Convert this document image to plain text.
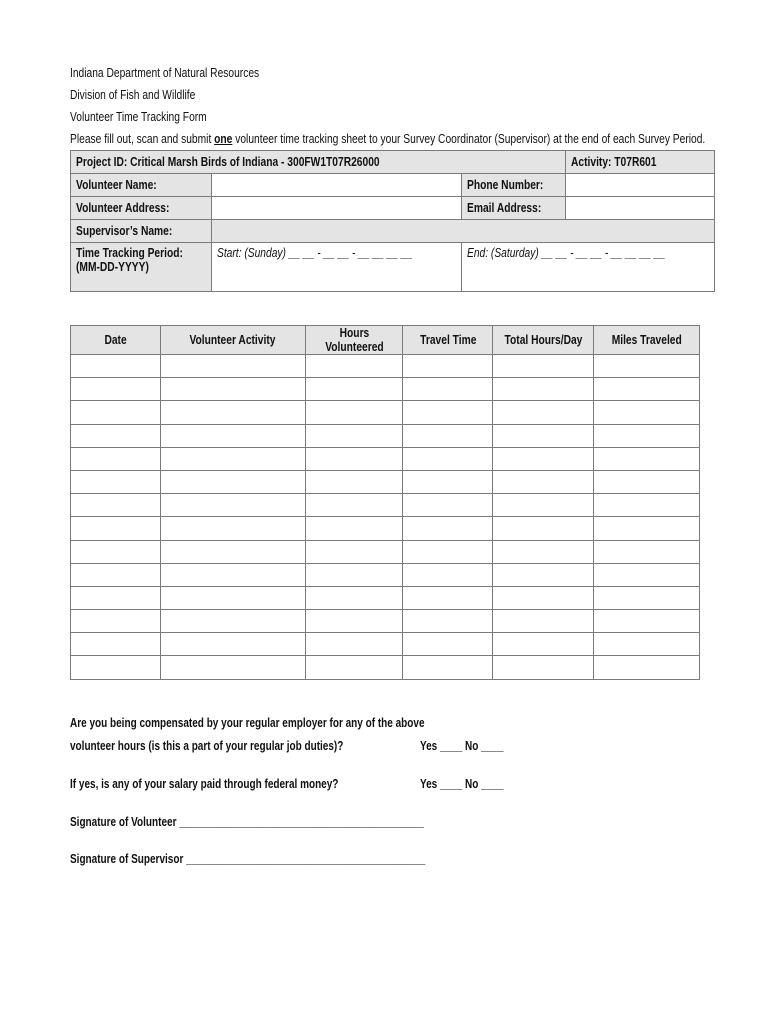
Indiana Department of Natural Resources
Division of Fish and Wildlife
Volunteer Time Tracking Form
Please fill out, scan and submit one volunteer time tracking sheet to your Survey Coordinator (Supervisor) at the end of each Survey Period.
Project ID: Critical Marsh Birds of Indiana - 300FW1T07R26000			Activity: T07R601
Volunteer Name:		Phone Number:	
Volunteer Address:		Email Address:	
Supervisor’s Name:			
Time Tracking Period:
(MM-DD-YYYY)	Start: (Sunday) __ __ - __ __ - __ __ __ __	End: (Saturday) __ __ - __ __ - __ __ __ __	
Date	Volunteer Activity	Hours Volunteered	Travel Time	Total Hours/Day	Miles Traveled

Are you being compensated by your regular employer for any of the above
volunteer hours (is this a part of your regular job duties)?	Yes ____ No ____
If yes, is any of your salary paid through federal money?	Yes ____ No ____
Signature of Volunteer ____________________________________________
Signature of Supervisor ___________________________________________
